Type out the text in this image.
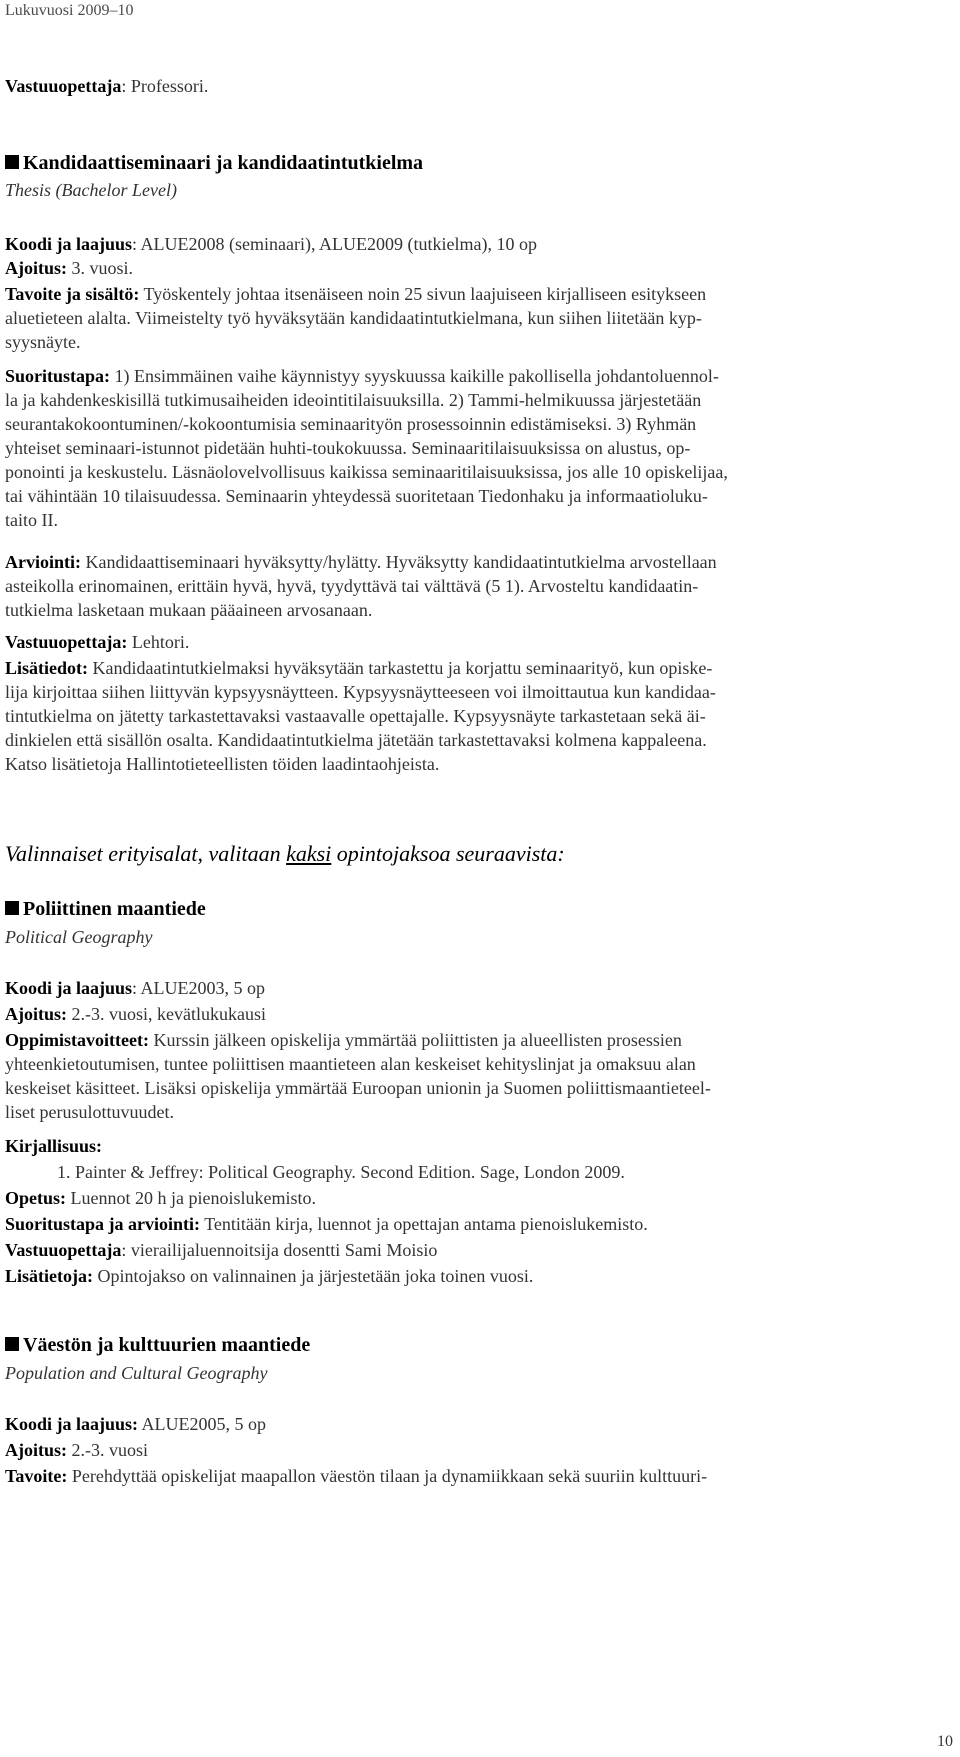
Lukuvuosi 2009–10
Vastuuopettaja: Professori.
Kandidaattiseminaari ja kandidaatintutkielma
Thesis (Bachelor Level)
Koodi ja laajuus: ALUE2008 (seminaari), ALUE2009 (tutkielma), 10 op
Ajoitus: 3. vuosi.
Tavoite ja sisältö: Työskentely johtaa itsenäiseen noin 25 sivun laajuiseen kirjalliseen esitykseen
aluetieteen alalta. Viimeistelty työ hyväksytään kandidaatintutkielmana, kun siihen liitetään kyp-
syysnäyte.
Suoritustapa: 1) Ensimmäinen vaihe käynnistyy syyskuussa kaikille pakollisella johdantoluennol-
la ja kahdenkeskisillä tutkimusaiheiden ideointitilaisuuksilla. 2) Tammi-helmikuussa järjestetään
seurantakokoontuminen/-kokoontumisia seminaarityön prosessoinnin edistämiseksi. 3) Ryhmän
yhteiset seminaari-istunnot pidetään huhti-toukokuussa. Seminaaritilaisuuksissa on alustus, op-
ponointi ja keskustelu. Läsnäolovelvollisuus kaikissa seminaaritilaisuuksissa, jos alle 10 opiskelijaa,
tai vähintään 10 tilaisuudessa. Seminaarin yhteydessä suoritetaan Tiedonhaku ja informaatioluku-
taito II.
Arviointi: Kandidaattiseminaari hyväksytty/hylätty. Hyväksytty kandidaatintutkielma arvostellaan
asteikolla erinomainen, erittäin hyvä, hyvä, tyydyttävä tai välttävä (5 1). Arvosteltu kandidaatin-
tutkielma lasketaan mukaan pääaineen arvosanaan.
Vastuuopettaja: Lehtori.
Lisätiedot: Kandidaatintutkielmaksi hyväksytään tarkastettu ja korjattu seminaarityö, kun opiske-
lija kirjoittaa siihen liittyvän kypsyysnäytteen. Kypsyysnäytteeseen voi ilmoittautua kun kandidaa-
tintutkielma on jätetty tarkastettavaksi vastaavalle opettajalle. Kypsyysnäyte tarkastetaan sekä äi-
dinkielen että sisällön osalta. Kandidaatintutkielma jätetään tarkastettavaksi kolmena kappaleena.
Katso lisätietoja Hallintotieteellisten töiden laadintaohjeista.
Valinnaiset erityisalat, valitaan kaksi opintojaksoa seuraavista:
Poliittinen maantiede
Political Geography
Koodi ja laajuus: ALUE2003, 5 op
Ajoitus: 2.-3. vuosi, kevätlukukausi
Oppimistavoitteet: Kurssin jälkeen opiskelija ymmärtää poliittisten ja alueellisten prosessien
yhteenkietoutumisen, tuntee poliittisen maantieteen alan keskeiset kehityslinjat ja omaksuu alan
keskeiset käsitteet. Lisäksi opiskelija ymmärtää Euroopan unionin ja Suomen poliittismaantieteel-
liset perusulottuvuudet.
Kirjallisuus:
1. Painter & Jeffrey: Political Geography. Second Edition. Sage, London 2009.
Opetus: Luennot 20 h ja pienoislukemisto.
Suoritustapa ja arviointi: Tentitään kirja, luennot ja opettajan antama pienoislukemisto.
Vastuuopettaja: vierailijaluennoitsija dosentti Sami Moisio
Lisätietoja: Opintojakso on valinnainen ja järjestetään joka toinen vuosi.
Väestön ja kulttuurien maantiede
Population and Cultural Geography
Koodi ja laajuus: ALUE2005, 5 op
Ajoitus: 2.-3. vuosi
Tavoite: Perehdyttää opiskelijat maapallon väestön tilaan ja dynamiikkaan sekä suuriin kulttuuri-
10
